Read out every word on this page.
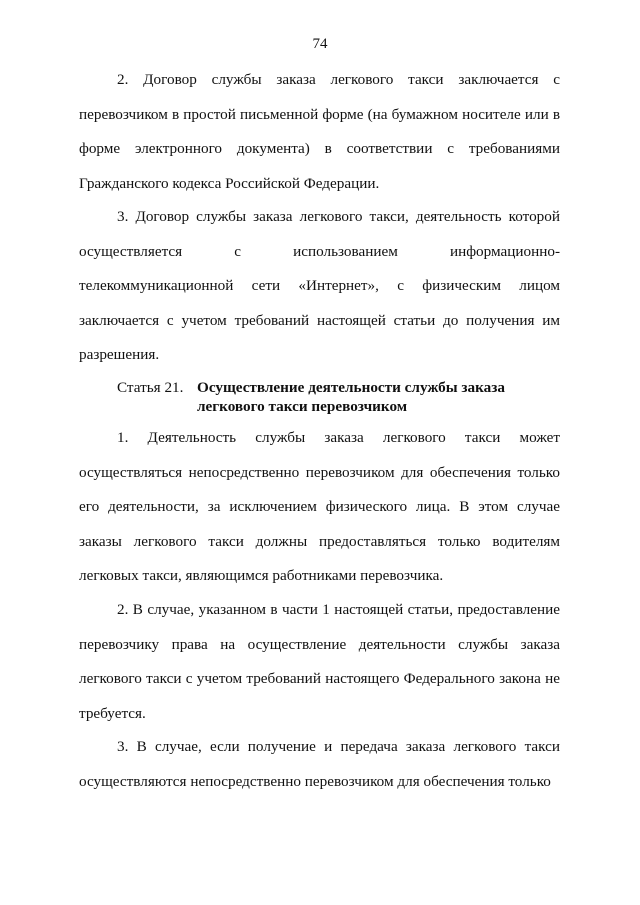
74

2. Договор службы заказа легкового такси заключается с перевозчиком в простой письменной форме (на бумажном носителе или в форме электронного документа) в соответствии с требованиями Гражданского кодекса Российской Федерации.

3. Договор службы заказа легкового такси, деятельность которой осуществляется с использованием информационно-телекоммуникационной сети «Интернет», с физическим лицом заключается с учетом требований настоящей статьи до получения им разрешения.

Статья 21. Осуществление деятельности службы заказа легкового такси перевозчиком

1. Деятельность службы заказа легкового такси может осуществляться непосредственно перевозчиком для обеспечения только его деятельности, за исключением физического лица. В этом случае заказы легкового такси должны предоставляться только водителям легковых такси, являющимся работниками перевозчика.

2. В случае, указанном в части 1 настоящей статьи, предоставление перевозчику права на осуществление деятельности службы заказа легкового такси с учетом требований настоящего Федерального закона не требуется.

3. В случае, если получение и передача заказа легкового такси осуществляются непосредственно перевозчиком для обеспечения только
